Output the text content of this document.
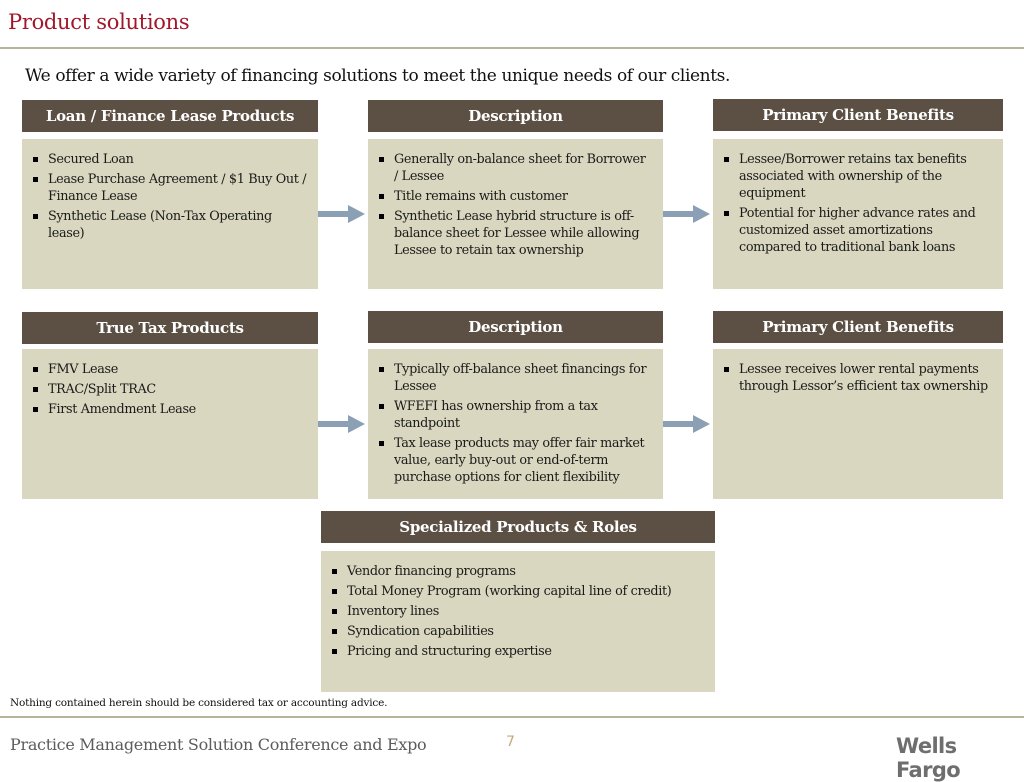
Product solutions
We offer a wide variety of financing solutions to meet the unique needs of our clients.
Loan / Finance Lease Products
Secured Loan
Lease Purchase Agreement / $1 Buy Out / Finance Lease
Synthetic Lease (Non-Tax Operating lease)
Description
Generally on-balance sheet for Borrower / Lessee
Title remains with customer
Synthetic Lease hybrid structure is off-balance sheet for Lessee while allowing Lessee to retain tax ownership
Primary Client Benefits
Lessee/Borrower retains tax benefits associated with ownership of the equipment
Potential for higher advance rates and customized asset amortizations compared to traditional bank loans
True Tax Products
FMV Lease
TRAC/Split TRAC
First Amendment Lease
Description
Typically off-balance sheet financings for Lessee
WFEFI has ownership from a tax standpoint
Tax lease products may offer fair market value, early buy-out or end-of-term purchase options for client flexibility
Primary Client Benefits
Lessee receives lower rental payments through Lessor’s efficient tax ownership
Specialized Products & Roles
Vendor financing programs
Total Money Program (working capital line of credit)
Inventory lines
Syndication capabilities
Pricing and structuring expertise
Nothing contained herein should be considered tax or accounting advice.
Practice Management Solution Conference and Expo	7	Wells Fargo
